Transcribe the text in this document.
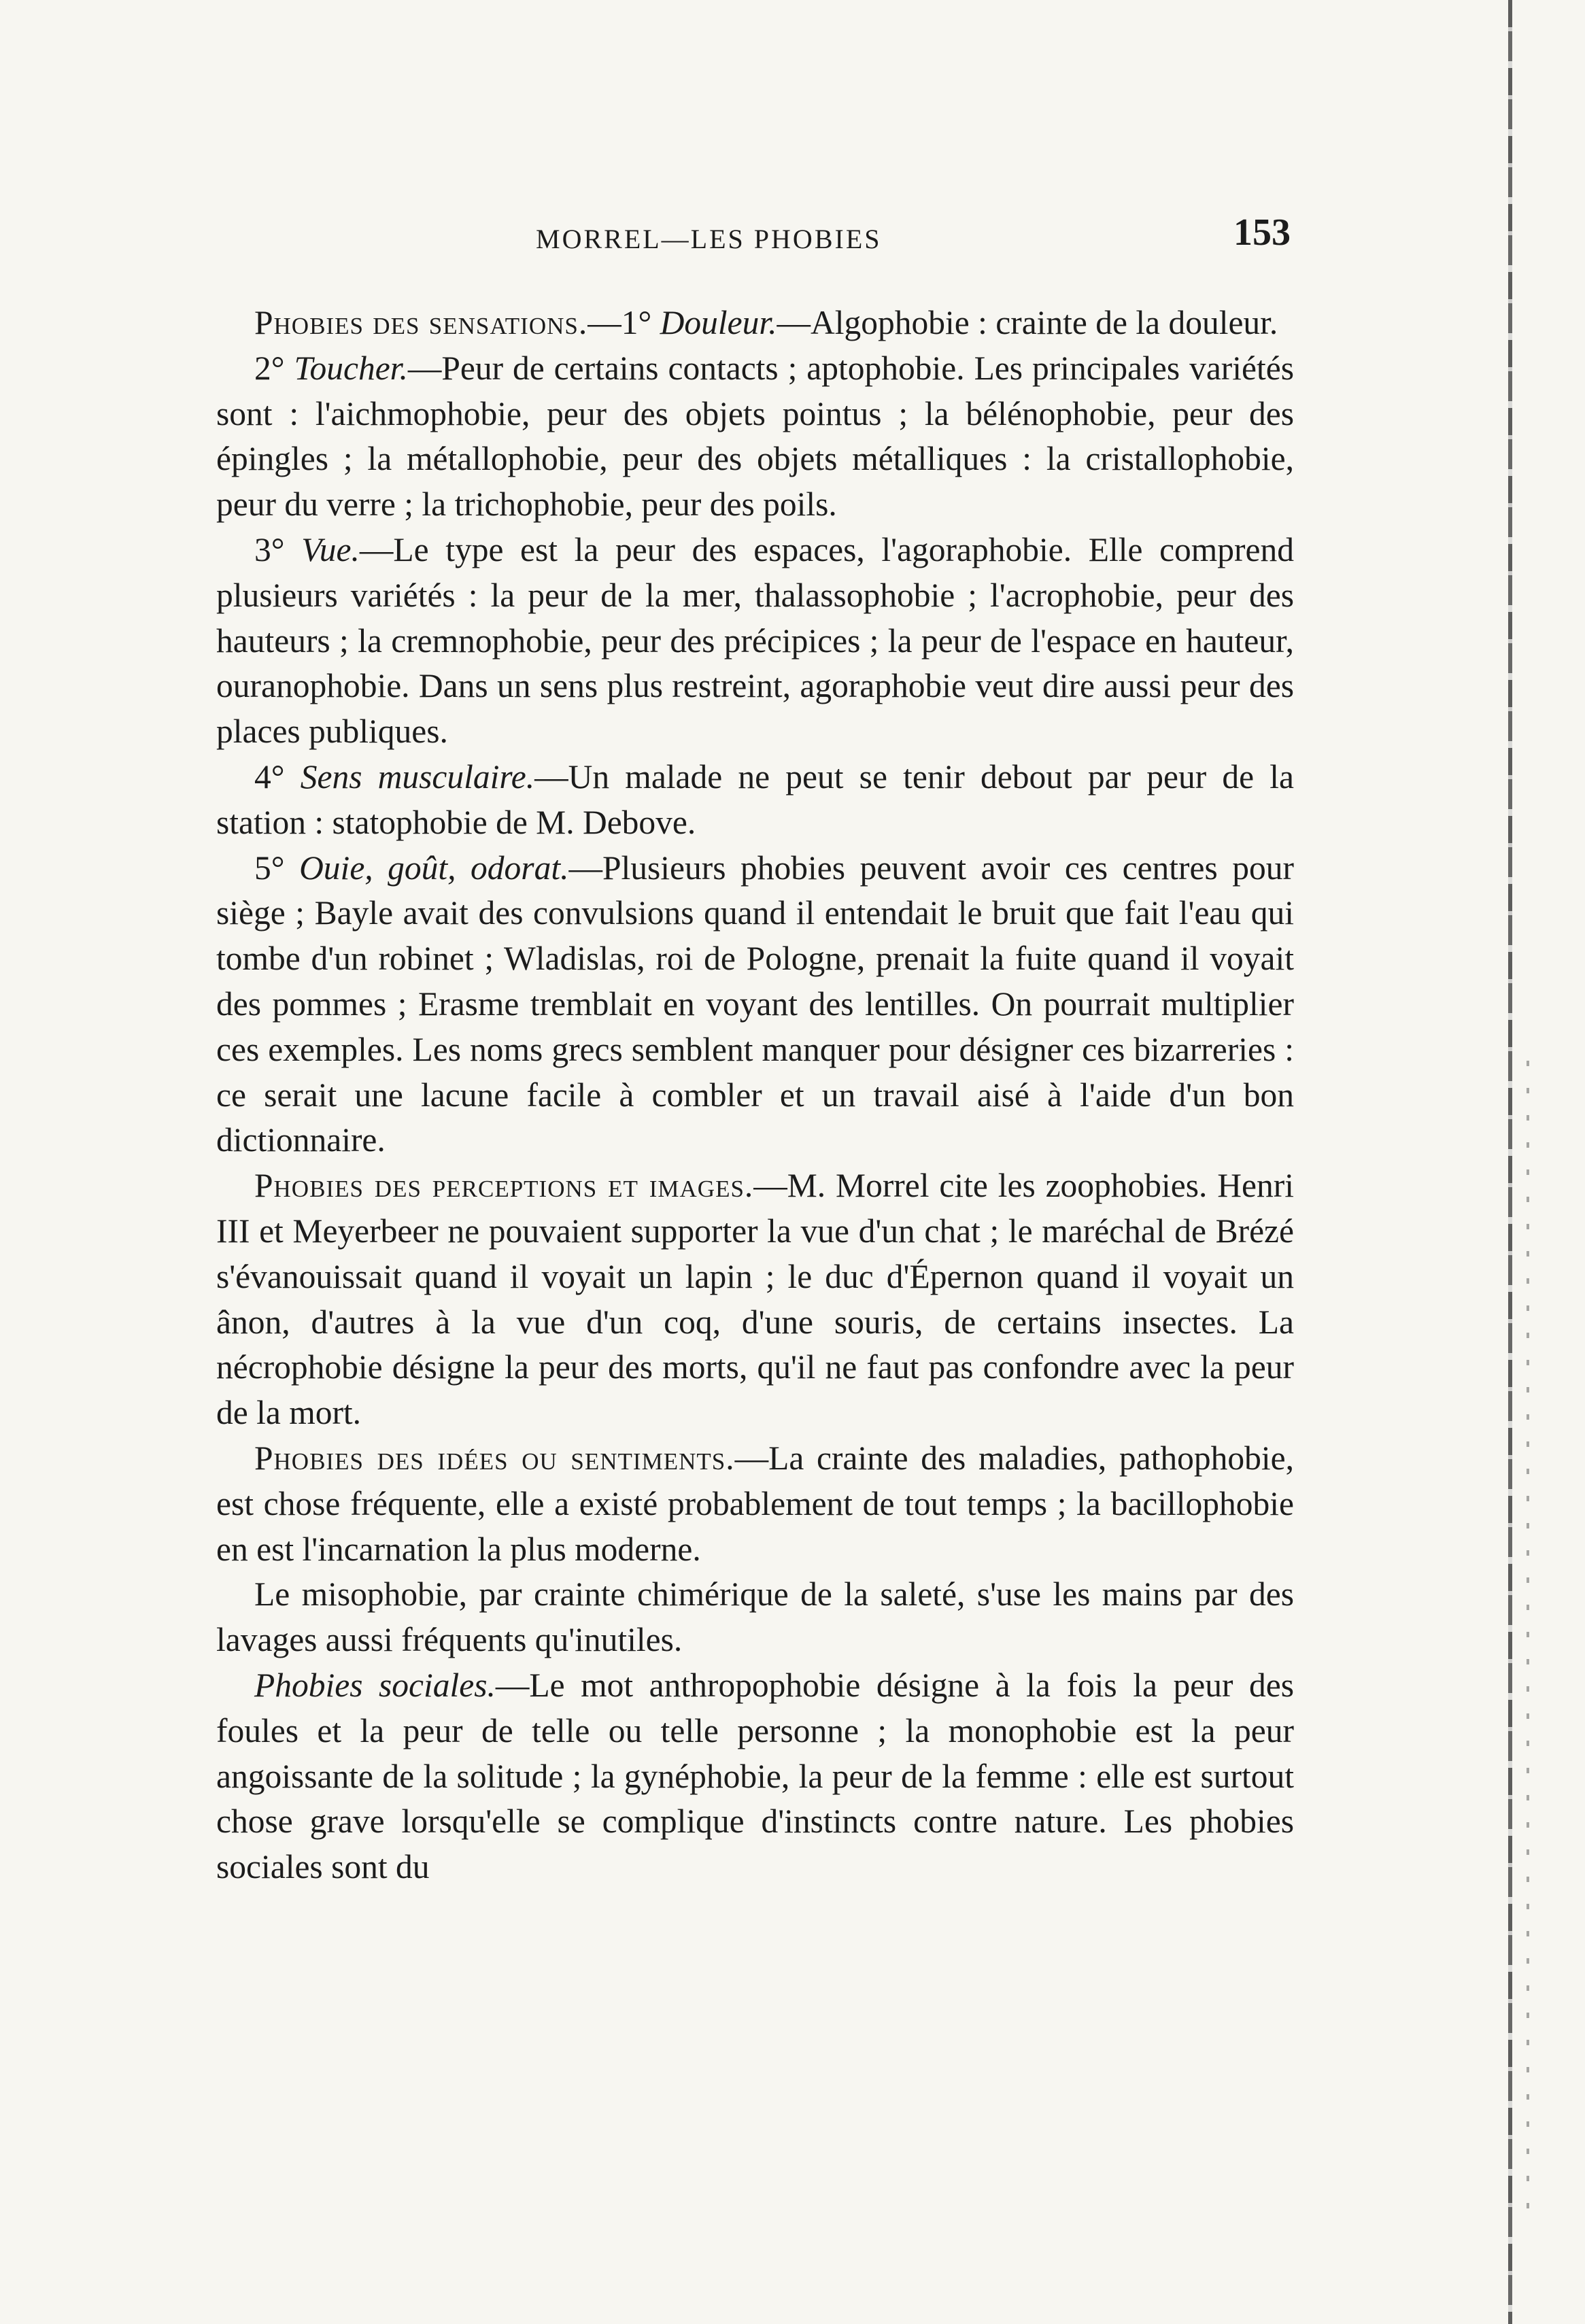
MORREL—LES PHOBIES	153

Phobies des sensations.—1° Douleur.—Algophobie : crainte de la douleur.

2° Toucher.—Peur de certains contacts ; aptophobie. Les principales variétés sont : l'aichmophobie, peur des objets pointus ; la bélénophobie, peur des épingles ; la métallophobie, peur des objets métalliques : la cristallophobie, peur du verre ; la trichophobie, peur des poils.

3° Vue.—Le type est la peur des espaces, l'agoraphobie. Elle comprend plusieurs variétés : la peur de la mer, thalassophobie ; l'acrophobie, peur des hauteurs ; la cremnophobie, peur des précipices ; la peur de l'espace en hauteur, ouranophobie. Dans un sens plus restreint, agoraphobie veut dire aussi peur des places publiques.

4° Sens musculaire.—Un malade ne peut se tenir debout par peur de la station : statophobie de M. Debove.

5° Ouie, goût, odorat.—Plusieurs phobies peuvent avoir ces centres pour siège ; Bayle avait des convulsions quand il entendait le bruit que fait l'eau qui tombe d'un robinet ; Wladislas, roi de Pologne, prenait la fuite quand il voyait des pommes ; Erasme tremblait en voyant des lentilles. On pourrait multiplier ces exemples. Les noms grecs semblent manquer pour désigner ces bizarreries : ce serait une lacune facile à combler et un travail aisé à l'aide d'un bon dictionnaire.

Phobies des perceptions et images.—M. Morrel cite les zoophobies. Henri III et Meyerbeer ne pouvaient supporter la vue d'un chat ; le maréchal de Brézé s'évanouissait quand il voyait un lapin ; le duc d'Épernon quand il voyait un ânon, d'autres à la vue d'un coq, d'une souris, de certains insectes. La nécrophobie désigne la peur des morts, qu'il ne faut pas confondre avec la peur de la mort.

Phobies des idées ou sentiments.—La crainte des maladies, pathophobie, est chose fréquente, elle a existé probablement de tout temps ; la bacillophobie en est l'incarnation la plus moderne.

Le misophobie, par crainte chimérique de la saleté, s'use les mains par des lavages aussi fréquents qu'inutiles.

Phobies sociales.—Le mot anthropophobie désigne à la fois la peur des foules et la peur de telle ou telle personne ; la monophobie est la peur angoissante de la solitude ; la gynéphobie, la peur de la femme : elle est surtout chose grave lorsqu'elle se complique d'instincts contre nature. Les phobies sociales sont du
